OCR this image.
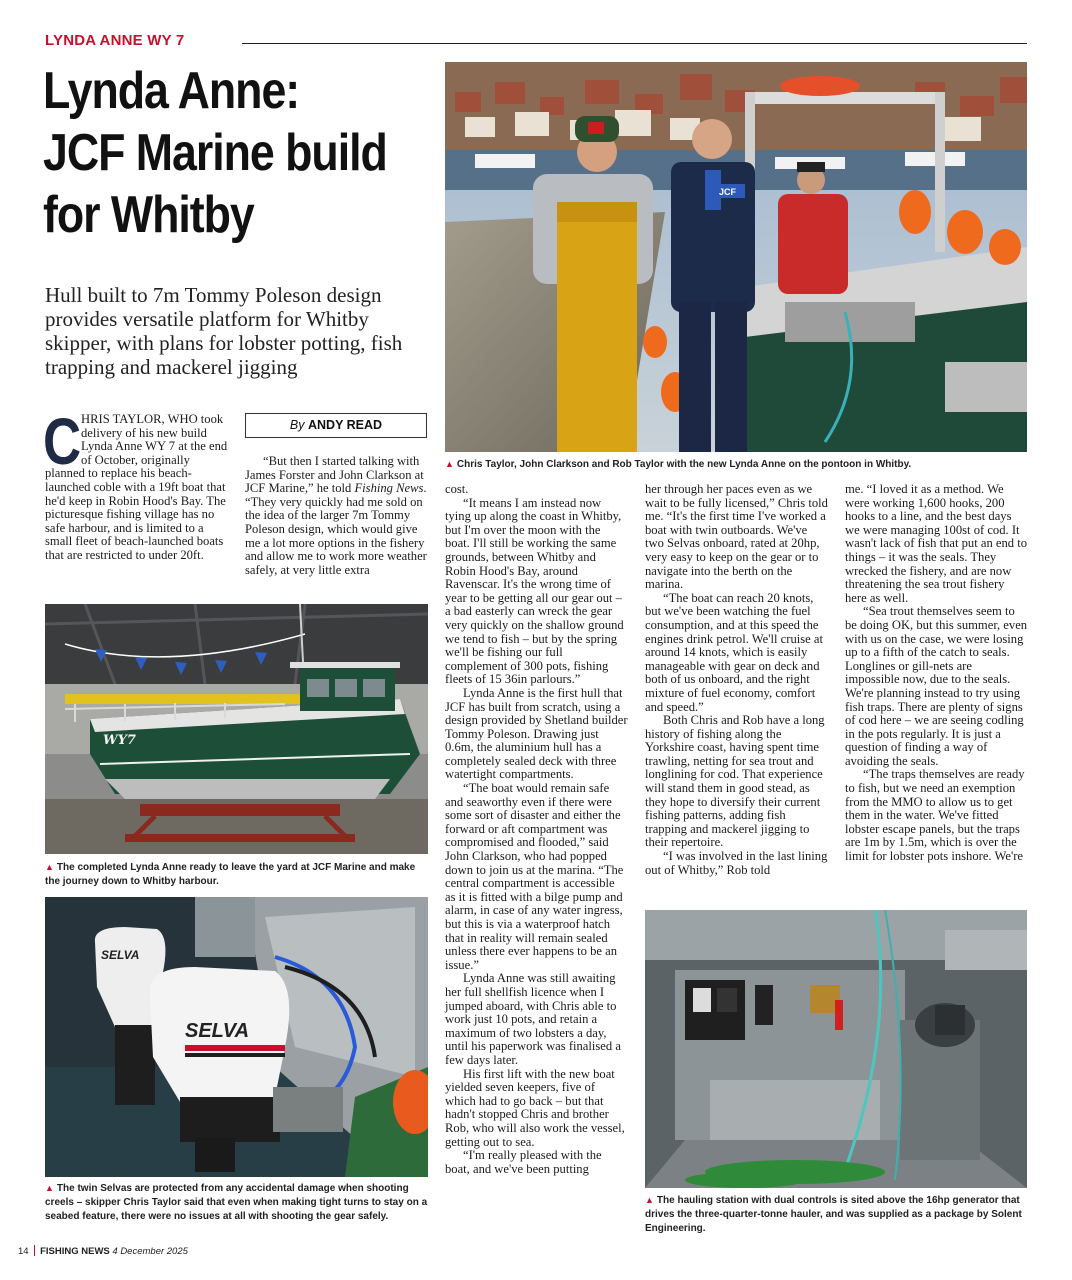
LYNDA ANNE WY 7
Lynda Anne:
JCF Marine build
for Whitby
Hull built to 7m Tommy Poleson design provides versatile platform for Whitby skipper, with plans for lobster potting, fish trapping and mackerel jigging
JCF
▲ Chris Taylor, John Clarkson and Rob Taylor with the new Lynda Anne on the pontoon in Whitby.
By ANDY READ
C HRIS TAYLOR, WHO took delivery of his new build Lynda Anne WY 7 at the end of October, originally planned to replace his beach-launched coble with a 19ft boat that he'd keep in Robin Hood's Bay. The picturesque fishing village has no safe harbour, and is limited to a small fleet of beach-launched boats that are restricted to under 20ft.

“But then I started talking with James Forster and John Clarkson at JCF Marine,” he told Fishing News. “They very quickly had me sold on the idea of the larger 7m Tommy Poleson design, which would give me a lot more options in the fishery and allow me to work more weather safely, at very little extra

WY7
▲ The completed Lynda Anne ready to leave the yard at JCF Marine and make the journey down to Whitby harbour.
SELVA
SELVA
▲ The twin Selvas are protected from any accidental damage when shooting creels – skipper Chris Taylor said that even when making tight turns to stay on a seabed feature, there were no issues at all with shooting the gear safely.

cost.

“It means I am instead now tying up along the coast in Whitby, but I'm over the moon with the boat. I'll still be working the same grounds, between Whitby and Robin Hood's Bay, around Ravenscar. It's the wrong time of year to be getting all our gear out – a bad easterly can wreck the gear very quickly on the shallow ground we tend to fish – but by the spring we'll be fishing our full complement of 300 pots, fishing fleets of 15 36in parlours.”

Lynda Anne is the first hull that JCF has built from scratch, using a design provided by Shetland builder Tommy Poleson. Drawing just 0.6m, the aluminium hull has a completely sealed deck with three watertight compartments.

“The boat would remain safe and seaworthy even if there were some sort of disaster and either the forward or aft compartment was compromised and flooded,” said John Clarkson, who had popped down to join us at the marina. “The central compartment is accessible as it is fitted with a bilge pump and alarm, in case of any water ingress, but this is via a waterproof hatch that in reality will remain sealed unless there ever happens to be an issue.”

Lynda Anne was still awaiting her full shellfish licence when I jumped aboard, with Chris able to work just 10 pots, and retain a maximum of two lobsters a day, until his paperwork was finalised a few days later.

His first lift with the new boat yielded seven keepers, five of which had to go back – but that hadn't stopped Chris and brother Rob, who will also work the vessel, getting out to sea.

“I'm really pleased with the boat, and we've been putting

her through her paces even as we wait to be fully licensed,” Chris told me. “It's the first time I've worked a boat with twin outboards. We've two Selvas onboard, rated at 20hp, very easy to keep on the gear or to navigate into the berth on the marina.

“The boat can reach 20 knots, but we've been watching the fuel consumption, and at this speed the engines drink petrol. We'll cruise at around 14 knots, which is easily manageable with gear on deck and both of us onboard, and the right mixture of fuel economy, comfort and speed.”

Both Chris and Rob have a long history of fishing along the Yorkshire coast, having spent time trawling, netting for sea trout and longlining for cod. That experience will stand them in good stead, as they hope to diversify their current fishing patterns, adding fish trapping and mackerel jigging to their repertoire.

“I was involved in the last lining out of Whitby,” Rob told

me. “I loved it as a method. We were working 1,600 hooks, 200 hooks to a line, and the best days we were managing 100st of cod. It wasn't lack of fish that put an end to things – it was the seals. They wrecked the fishery, and are now threatening the sea trout fishery here as well.

“Sea trout themselves seem to be doing OK, but this summer, even with us on the case, we were losing up to a fifth of the catch to seals. Longlines or gill-nets are impossible now, due to the seals. We're planning instead to try using fish traps. There are plenty of signs of cod here – we are seeing codling in the pots regularly. It is just a question of finding a way of avoiding the seals.

“The traps themselves are ready to fish, but we need an exemption from the MMO to allow us to get them in the water. We've fitted lobster escape panels, but the traps are 1m by 1.5m, which is over the limit for lobster pots inshore. We're

▲ The hauling station with dual controls is sited above the 16hp generator that drives the three-quarter-tonne hauler, and was supplied as a package by Solent Engineering.
14 FISHING NEWS 4 December 2025
